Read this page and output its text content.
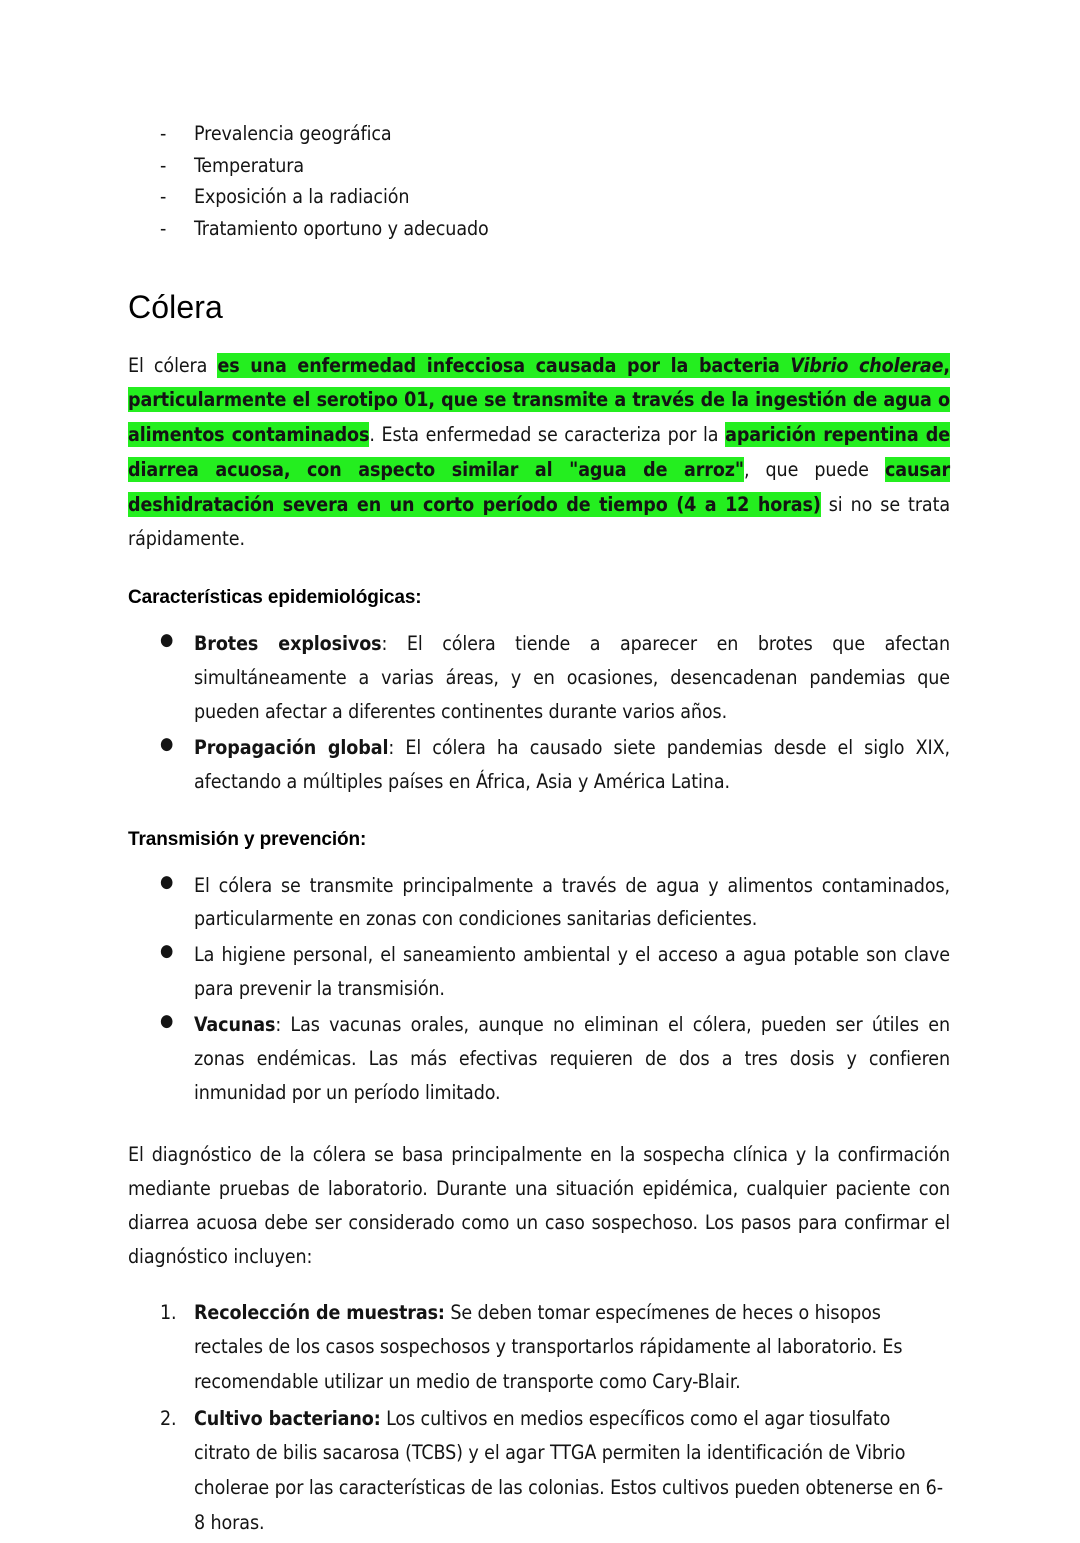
- Prevalencia geográfica
- Temperatura
- Exposición a la radiación
- Tratamiento oportuno y adecuado
Cólera

El cólera es una enfermedad infecciosa causada por la bacteria Vibrio cholerae, particularmente el serotipo 01, que se transmite a través de la ingestión de agua o alimentos contaminados. Esta enfermedad se caracteriza por la aparición repentina de diarrea acuosa, con aspecto similar al "agua de arroz", que puede causar deshidratación severa en un corto período de tiempo (4 a 12 horas) si no se trata rápidamente.

Características epidemiológicas:
● Brotes explosivos: El cólera tiende a aparecer en brotes que afectan simultáneamente a varias áreas, y en ocasiones, desencadenan pandemias que pueden afectar a diferentes continentes durante varios años.
● Propagación global: El cólera ha causado siete pandemias desde el siglo XIX, afectando a múltiples países en África, Asia y América Latina.
Transmisión y prevención:
● El cólera se transmite principalmente a través de agua y alimentos contaminados, particularmente en zonas con condiciones sanitarias deficientes.
● La higiene personal, el saneamiento ambiental y el acceso a agua potable son clave para prevenir la transmisión.
● Vacunas: Las vacunas orales, aunque no eliminan el cólera, pueden ser útiles en zonas endémicas. Las más efectivas requieren de dos a tres dosis y confieren inmunidad por un período limitado.

El diagnóstico de la cólera se basa principalmente en la sospecha clínica y la confirmación mediante pruebas de laboratorio. Durante una situación epidémica, cualquier paciente con diarrea acuosa debe ser considerado como un caso sospechoso. Los pasos para confirmar el diagnóstico incluyen:

1. Recolección de muestras: Se deben tomar especímenes de heces o hisopos rectales de los casos sospechosos y transportarlos rápidamente al laboratorio. Es recomendable utilizar un medio de transporte como Cary-Blair.
2. Cultivo bacteriano: Los cultivos en medios específicos como el agar tiosulfato citrato de bilis sacarosa (TCBS) y el agar TTGA permiten la identificación de Vibrio cholerae por las características de las colonias. Estos cultivos pueden obtenerse en 6-8 horas.
